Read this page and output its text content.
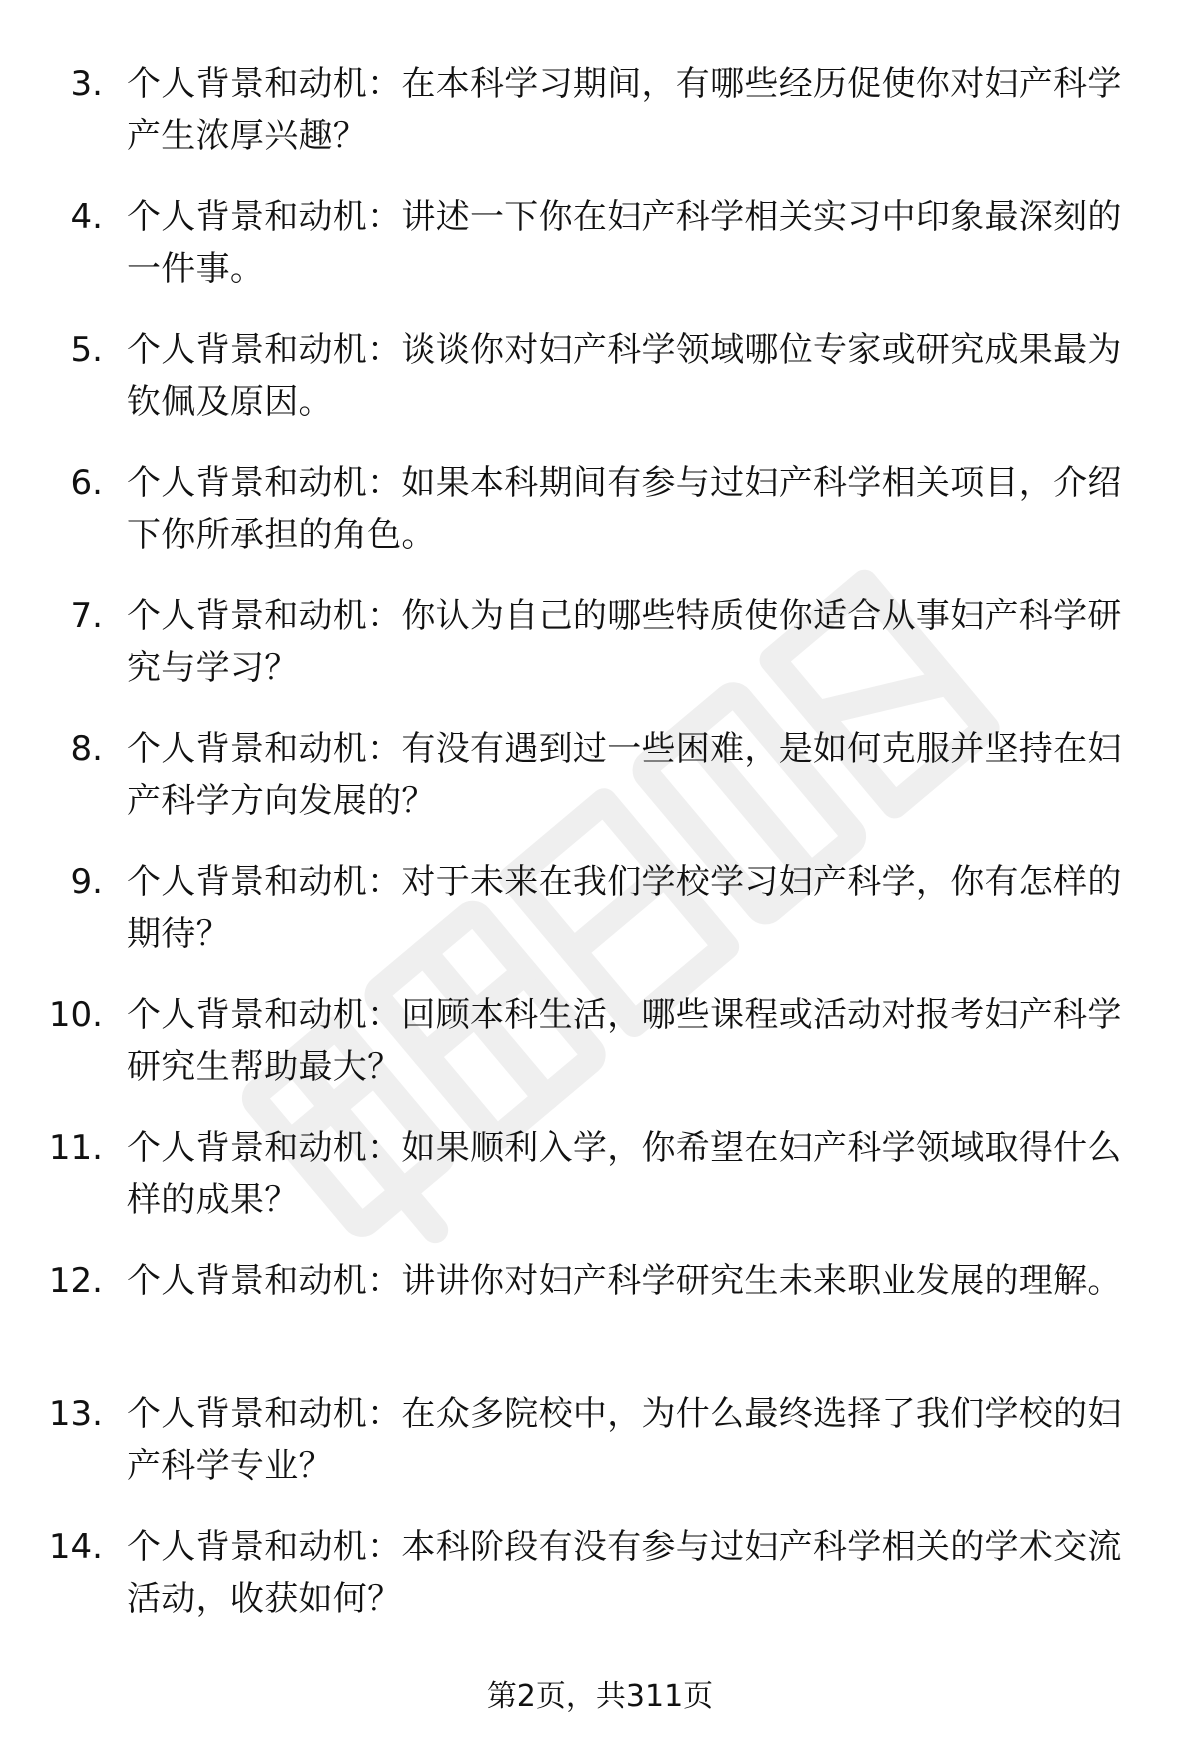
3. 个人背景和动机：在本科学习期间，有哪些经历促使你对妇产科学产生浓厚兴趣？
4. 个人背景和动机：讲述一下你在妇产科学相关实习中印象最深刻的一件事。
5. 个人背景和动机：谈谈你对妇产科学领域哪位专家或研究成果最为钦佩及原因。
6. 个人背景和动机：如果本科期间有参与过妇产科学相关项目，介绍下你所承担的角色。
7. 个人背景和动机：你认为自己的哪些特质使你适合从事妇产科学研究与学习？
8. 个人背景和动机：有没有遇到过一些困难，是如何克服并坚持在妇产科学方向发展的？
9. 个人背景和动机：对于未来在我们学校学习妇产科学，你有怎样的期待？
10. 个人背景和动机：回顾本科生活，哪些课程或活动对报考妇产科学研究生帮助最大？
11. 个人背景和动机：如果顺利入学，你希望在妇产科学领域取得什么样的成果？
12. 个人背景和动机：讲讲你对妇产科学研究生未来职业发展的理解。
13. 个人背景和动机：在众多院校中，为什么最终选择了我们学校的妇产科学专业？
14. 个人背景和动机：本科阶段有没有参与过妇产科学相关的学术交流活动，收获如何？
第2页，共311页
